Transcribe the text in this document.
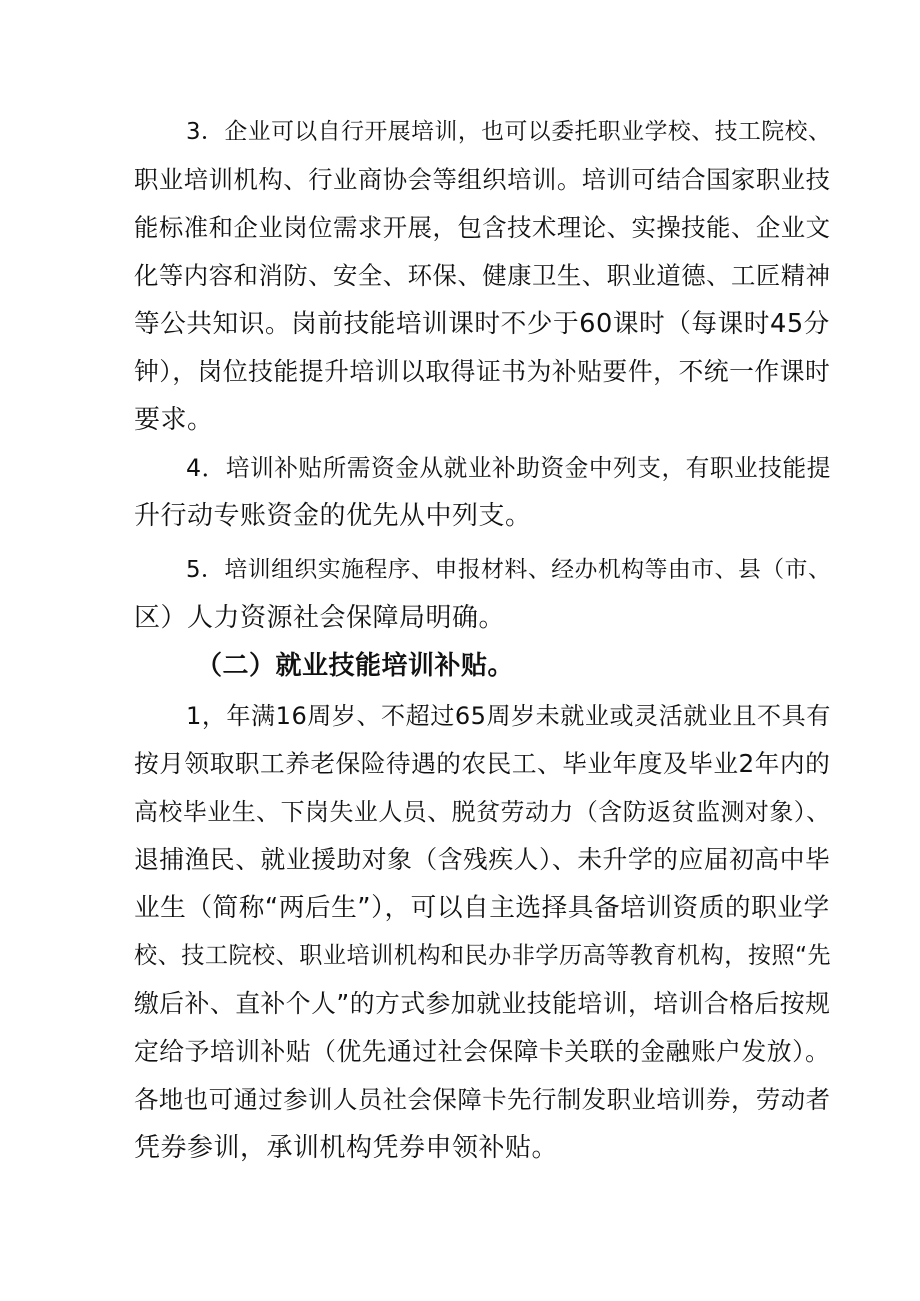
3．企业可以自行开展培训，也可以委托职业学校、技工院校、
职业培训机构、行业商协会等组织培训。培训可结合国家职业技
能标准和企业岗位需求开展，包含技术理论、实操技能、企业文
化等内容和消防、安全、环保、健康卫生、职业道德、工匠精神
等公共知识。岗前技能培训课时不少于60课时（每课时45分
钟），岗位技能提升培训以取得证书为补贴要件，不统一作课时
要求。
4．培训补贴所需资金从就业补助资金中列支，有职业技能提
升行动专账资金的优先从中列支。
5．培训组织实施程序、申报材料、经办机构等由市、县（市、
区）人力资源社会保障局明确。
（二）就业技能培训补贴。
1，年满16周岁、不超过65周岁未就业或灵活就业且不具有
按月领取职工养老保险待遇的农民工、毕业年度及毕业2年内的
高校毕业生、下岗失业人员、脱贫劳动力（含防返贫监测对象）、
退捕渔民、就业援助对象（含残疾人）、未升学的应届初高中毕
业生（简称“两后生”），可以自主选择具备培训资质的职业学
校、技工院校、职业培训机构和民办非学历高等教育机构，按照“先
缴后补、直补个人”的方式参加就业技能培训，培训合格后按规
定给予培训补贴（优先通过社会保障卡关联的金融账户发放）。
各地也可通过参训人员社会保障卡先行制发职业培训券，劳动者
凭券参训，承训机构凭券申领补贴。
